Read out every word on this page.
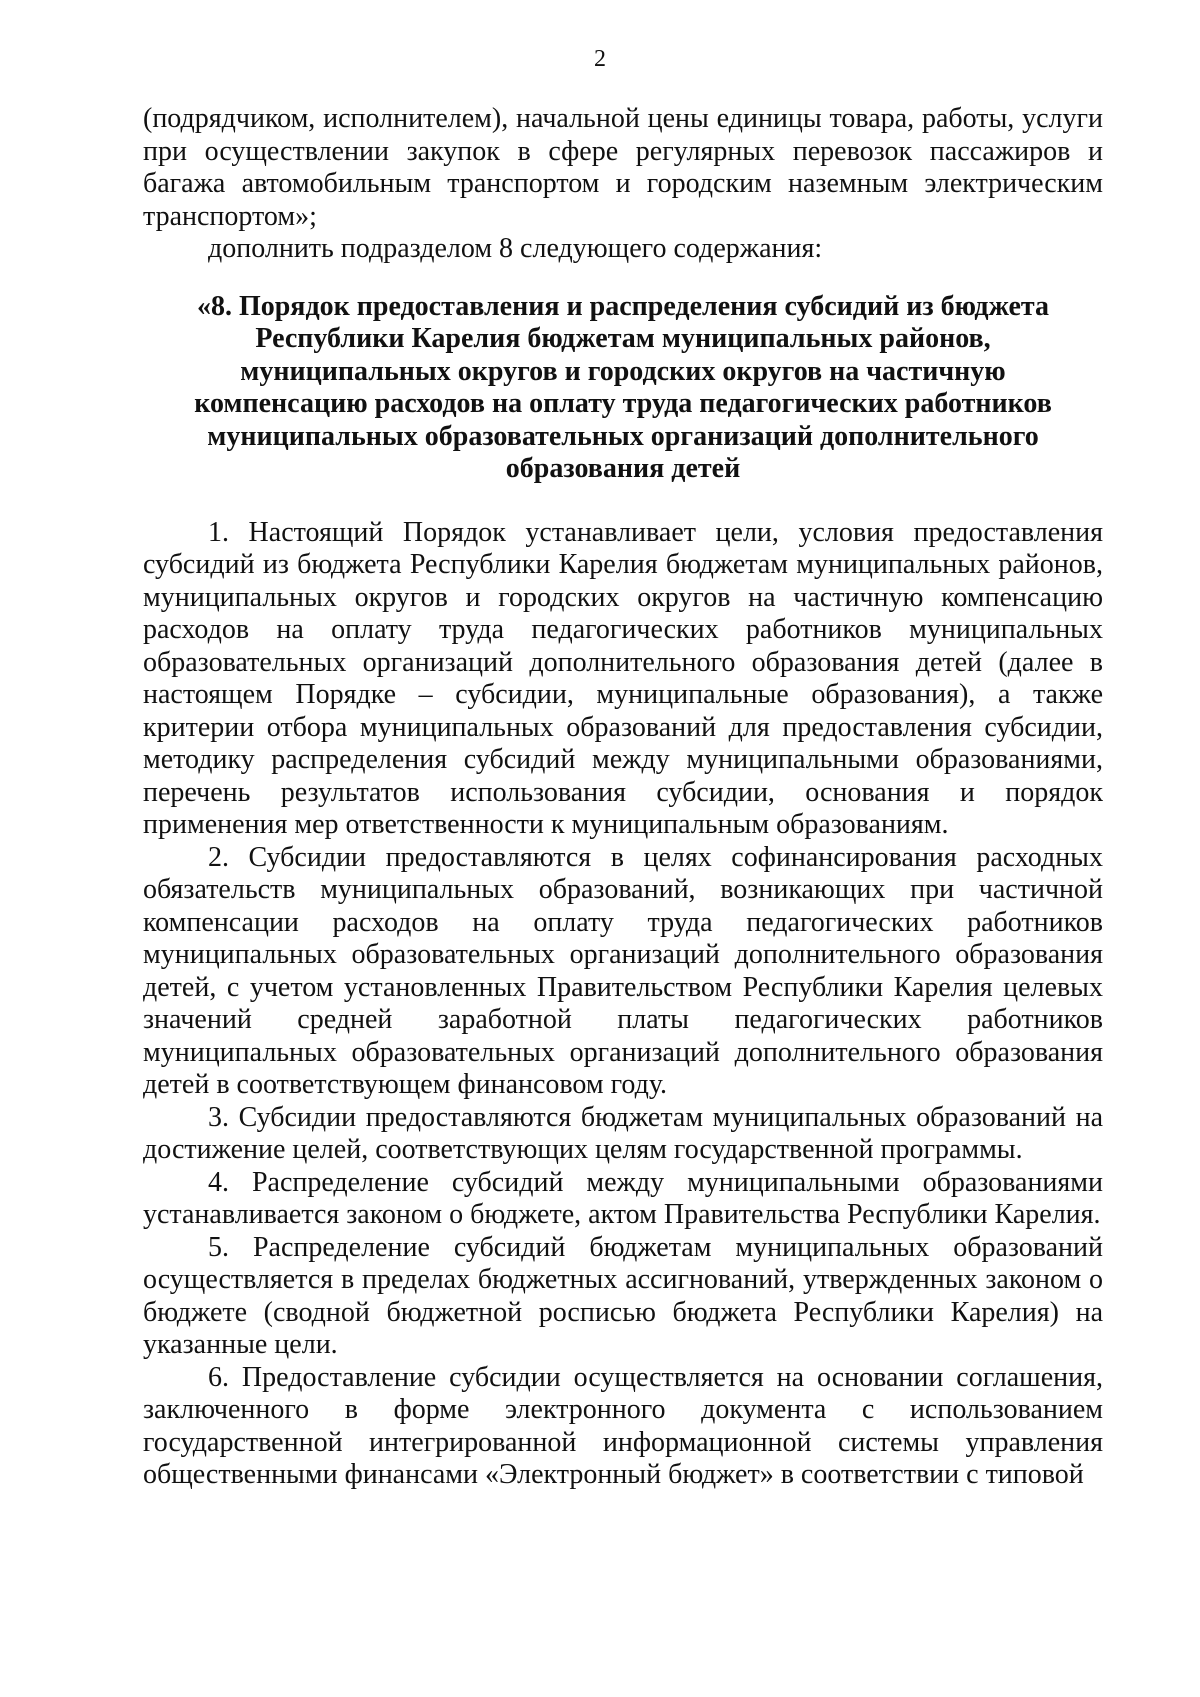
2

(подрядчиком, исполнителем), начальной цены единицы товара, работы, услуги при осуществлении закупок в сфере регулярных перевозок пассажиров и багажа автомобильным транспортом и городским наземным электрическим транспортом»;

дополнить подразделом 8 следующего содержания:

«8. Порядок предоставления и распределения субсидий из бюджета Республики Карелия бюджетам муниципальных районов, муниципальных округов и городских округов на частичную компенсацию расходов на оплату труда педагогических работников муниципальных образовательных организаций дополнительного образования детей

1. Настоящий Порядок устанавливает цели, условия предоставления субсидий из бюджета Республики Карелия бюджетам муниципальных районов, муниципальных округов и городских округов на частичную компенсацию расходов на оплату труда педагогических работников муниципальных образовательных организаций дополнительного образования детей (далее в настоящем Порядке – субсидии, муниципальные образования), а также критерии отбора муниципальных образований для предоставления субсидии, методику распределения субсидий между муниципальными образованиями, перечень результатов использования субсидии, основания и порядок применения мер ответственности к муниципальным образованиям.

2. Субсидии предоставляются в целях софинансирования расходных обязательств муниципальных образований, возникающих при частичной компенсации расходов на оплату труда педагогических работников муниципальных образовательных организаций дополнительного образования детей, с учетом установленных Правительством Республики Карелия целевых значений средней заработной платы педагогических работников муниципальных образовательных организаций дополнительного образования детей в соответствующем финансовом году.

3. Субсидии предоставляются бюджетам муниципальных образований на достижение целей, соответствующих целям государственной программы.

4. Распределение субсидий между муниципальными образованиями устанавливается законом о бюджете, актом Правительства Республики Карелия.

5. Распределение субсидий бюджетам муниципальных образований осуществляется в пределах бюджетных ассигнований, утвержденных законом о бюджете (сводной бюджетной росписью бюджета Республики Карелия) на указанные цели.

6. Предоставление субсидии осуществляется на основании соглашения, заключенного в форме электронного документа с использованием государственной интегрированной информационной системы управления общественными финансами «Электронный бюджет» в соответствии с типовой
